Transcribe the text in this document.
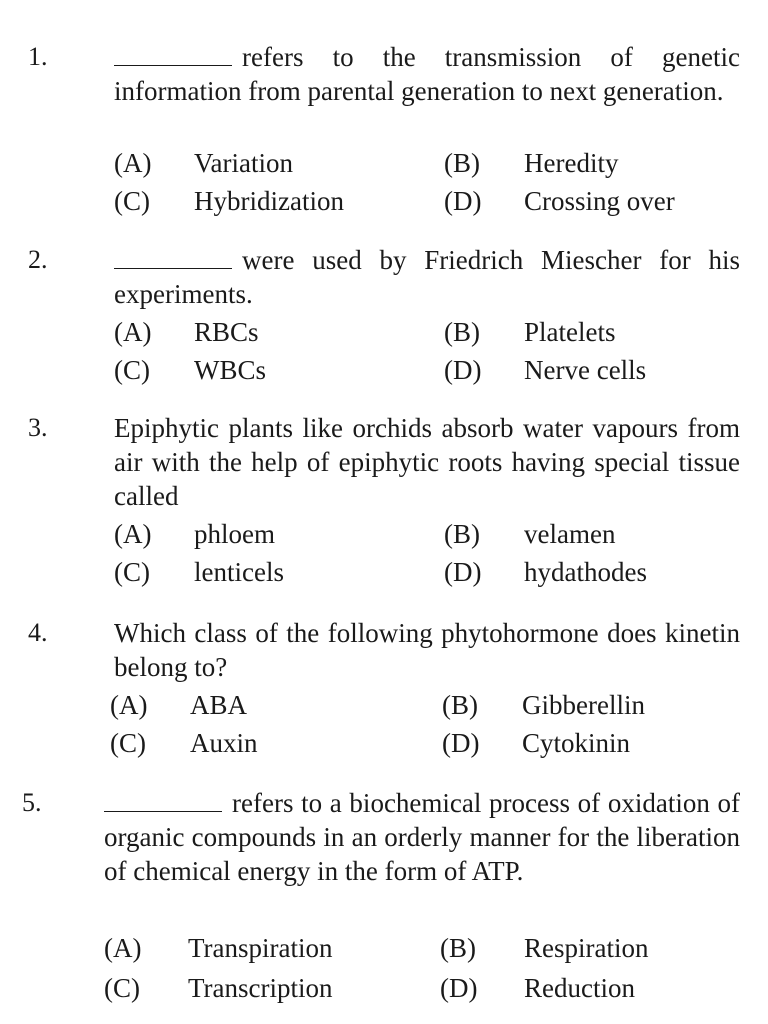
1.	refers to the transmission of genetic information from parental generation to next generation.
(A) Variation	(B) Heredity
(C) Hybridization	(D) Crossing over
2.	were used by Friedrich Miescher for his experiments.
(A) RBCs	(B) Platelets
(C) WBCs	(D) Nerve cells
3. Epiphytic plants like orchids absorb water vapours from air with the help of epiphytic roots having special tissue called
(A) phloem	(B) velamen
(C) lenticels	(D) hydathodes
4. Which class of the following phytohormone does kinetin belong to?
(A) ABA	(B) Gibberellin
(C) Auxin	(D) Cytokinin
5.	refers to a biochemical process of oxidation of organic compounds in an orderly manner for the liberation of chemical energy in the form of ATP.
(A) Transpiration	(B) Respiration
(C) Transcription	(D) Reduction
